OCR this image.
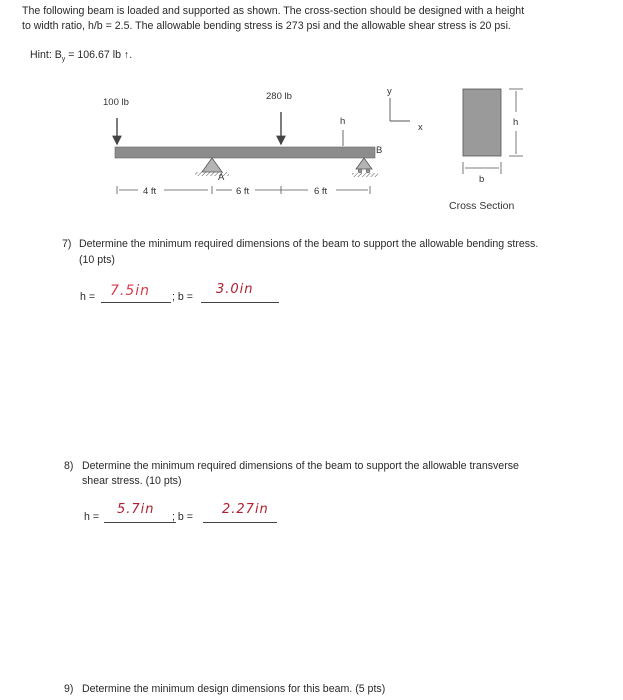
The following beam is loaded and supported as shown. The cross-section should be designed with a height
to width ratio, h/b = 2.5. The allowable bending stress is 273 psi and the allowable shear stress is 20 psi.
Hint: $B_y = 106.67$ lb ↑.
100 lb
280 lb
h
A
B
4 ft	6 ft	6 ft
y
x	h
b
Cross Section
7) Determine the minimum required dimensions of the beam to support the allowable bending stress.
(10 pts)
h = 7.5in ; b = 3.0in
8) Determine the minimum required dimensions of the beam to support the allowable transverse
shear stress. (10 pts)
h = 5.7in ; b = 2.27in
9) Determine the minimum design dimensions for this beam. (5 pts)
